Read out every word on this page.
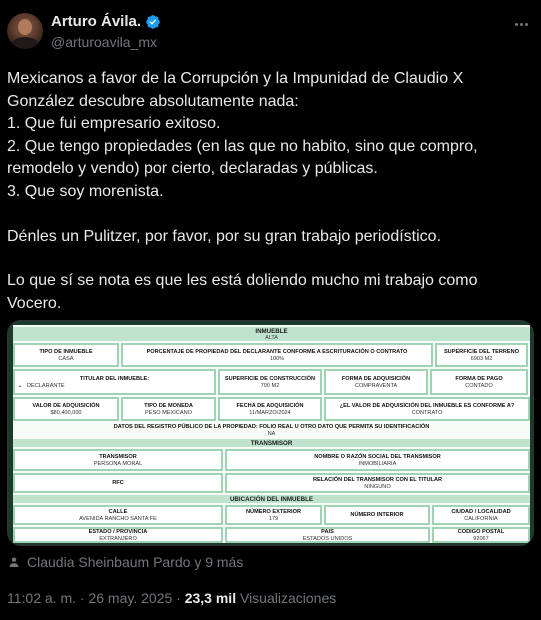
Arturo Ávila.
@arturoavila_mx

Mexicanos a favor de la Corrupción y la Impunidad de Claudio X González descubre absolutamente nada:
1. Que fui empresario exitoso.
2. Que tengo propiedades (en las que no habito, sino que compro, remodelo y vendo) por cierto, declaradas y públicas.
3. Que soy morenista.

Dénles un Pulitzer, por favor, por su gran trabajo periodístico.

Lo que sí se nota es que les está doliendo mucho mi trabajo como Vocero.

INMUEBLE
ALTA
TIPO DE INMUEBLE
CASA
PORCENTAJE DE PROPIEDAD DEL DECLARANTE CONFORME A ESCRITURACIÓN O CONTRATO
100%
SUPERFICIE DEL TERRENO
6903 M2
TITULAR DEL INMUEBLE:
DECLARANTE
•
SUPERFICIE DE CONSTRUCCIÓN
700 M2
FORMA DE ADQUISICIÓN
COMPRAVENTA
FORMA DE PAGO
CONTADO
VALOR DE ADQUISICIÓN
$80,400,000
TIPO DE MONEDA
PESO MEXICANO
FECHA DE ADQUISICIÓN
11/MARZO/2024
¿EL VALOR DE ADQUISICIÓN DEL INMUEBLE ES CONFORME A?
CONTRATO
DATOS DEL REGISTRO PÚBLICO DE LA PROPIEDAD: FOLIO REAL U OTRO DATO QUE PERMITA SU IDENTIFICACIÓN
NA
TRANSMISOR
TRANSMISOR
PERSONA MORAL
NOMBRE O RAZÓN SOCIAL DEL TRANSMISOR
INMOBILIARIA
RFC	RELACIÓN DEL TRANSMISOR CON EL TITULAR
NINGUNO
UBICACIÓN DEL INMUEBLE
CALLE
AVENIDA RANCHO SANTA FE
NÚMERO EXTERIOR
179
NÚMERO INTERIOR	CIUDAD / LOCALIDAD
CALIFORNIA
ESTADO / PROVINCIA
EXTRANJERO
PAÍS
ESTADOS UNIDOS
CÓDIGO POSTAL
92067
Claudia Sheinbaum Pardo y 9 más
11:02 a. m. · 26 may. 2025 · 23,3 mil Visualizaciones
